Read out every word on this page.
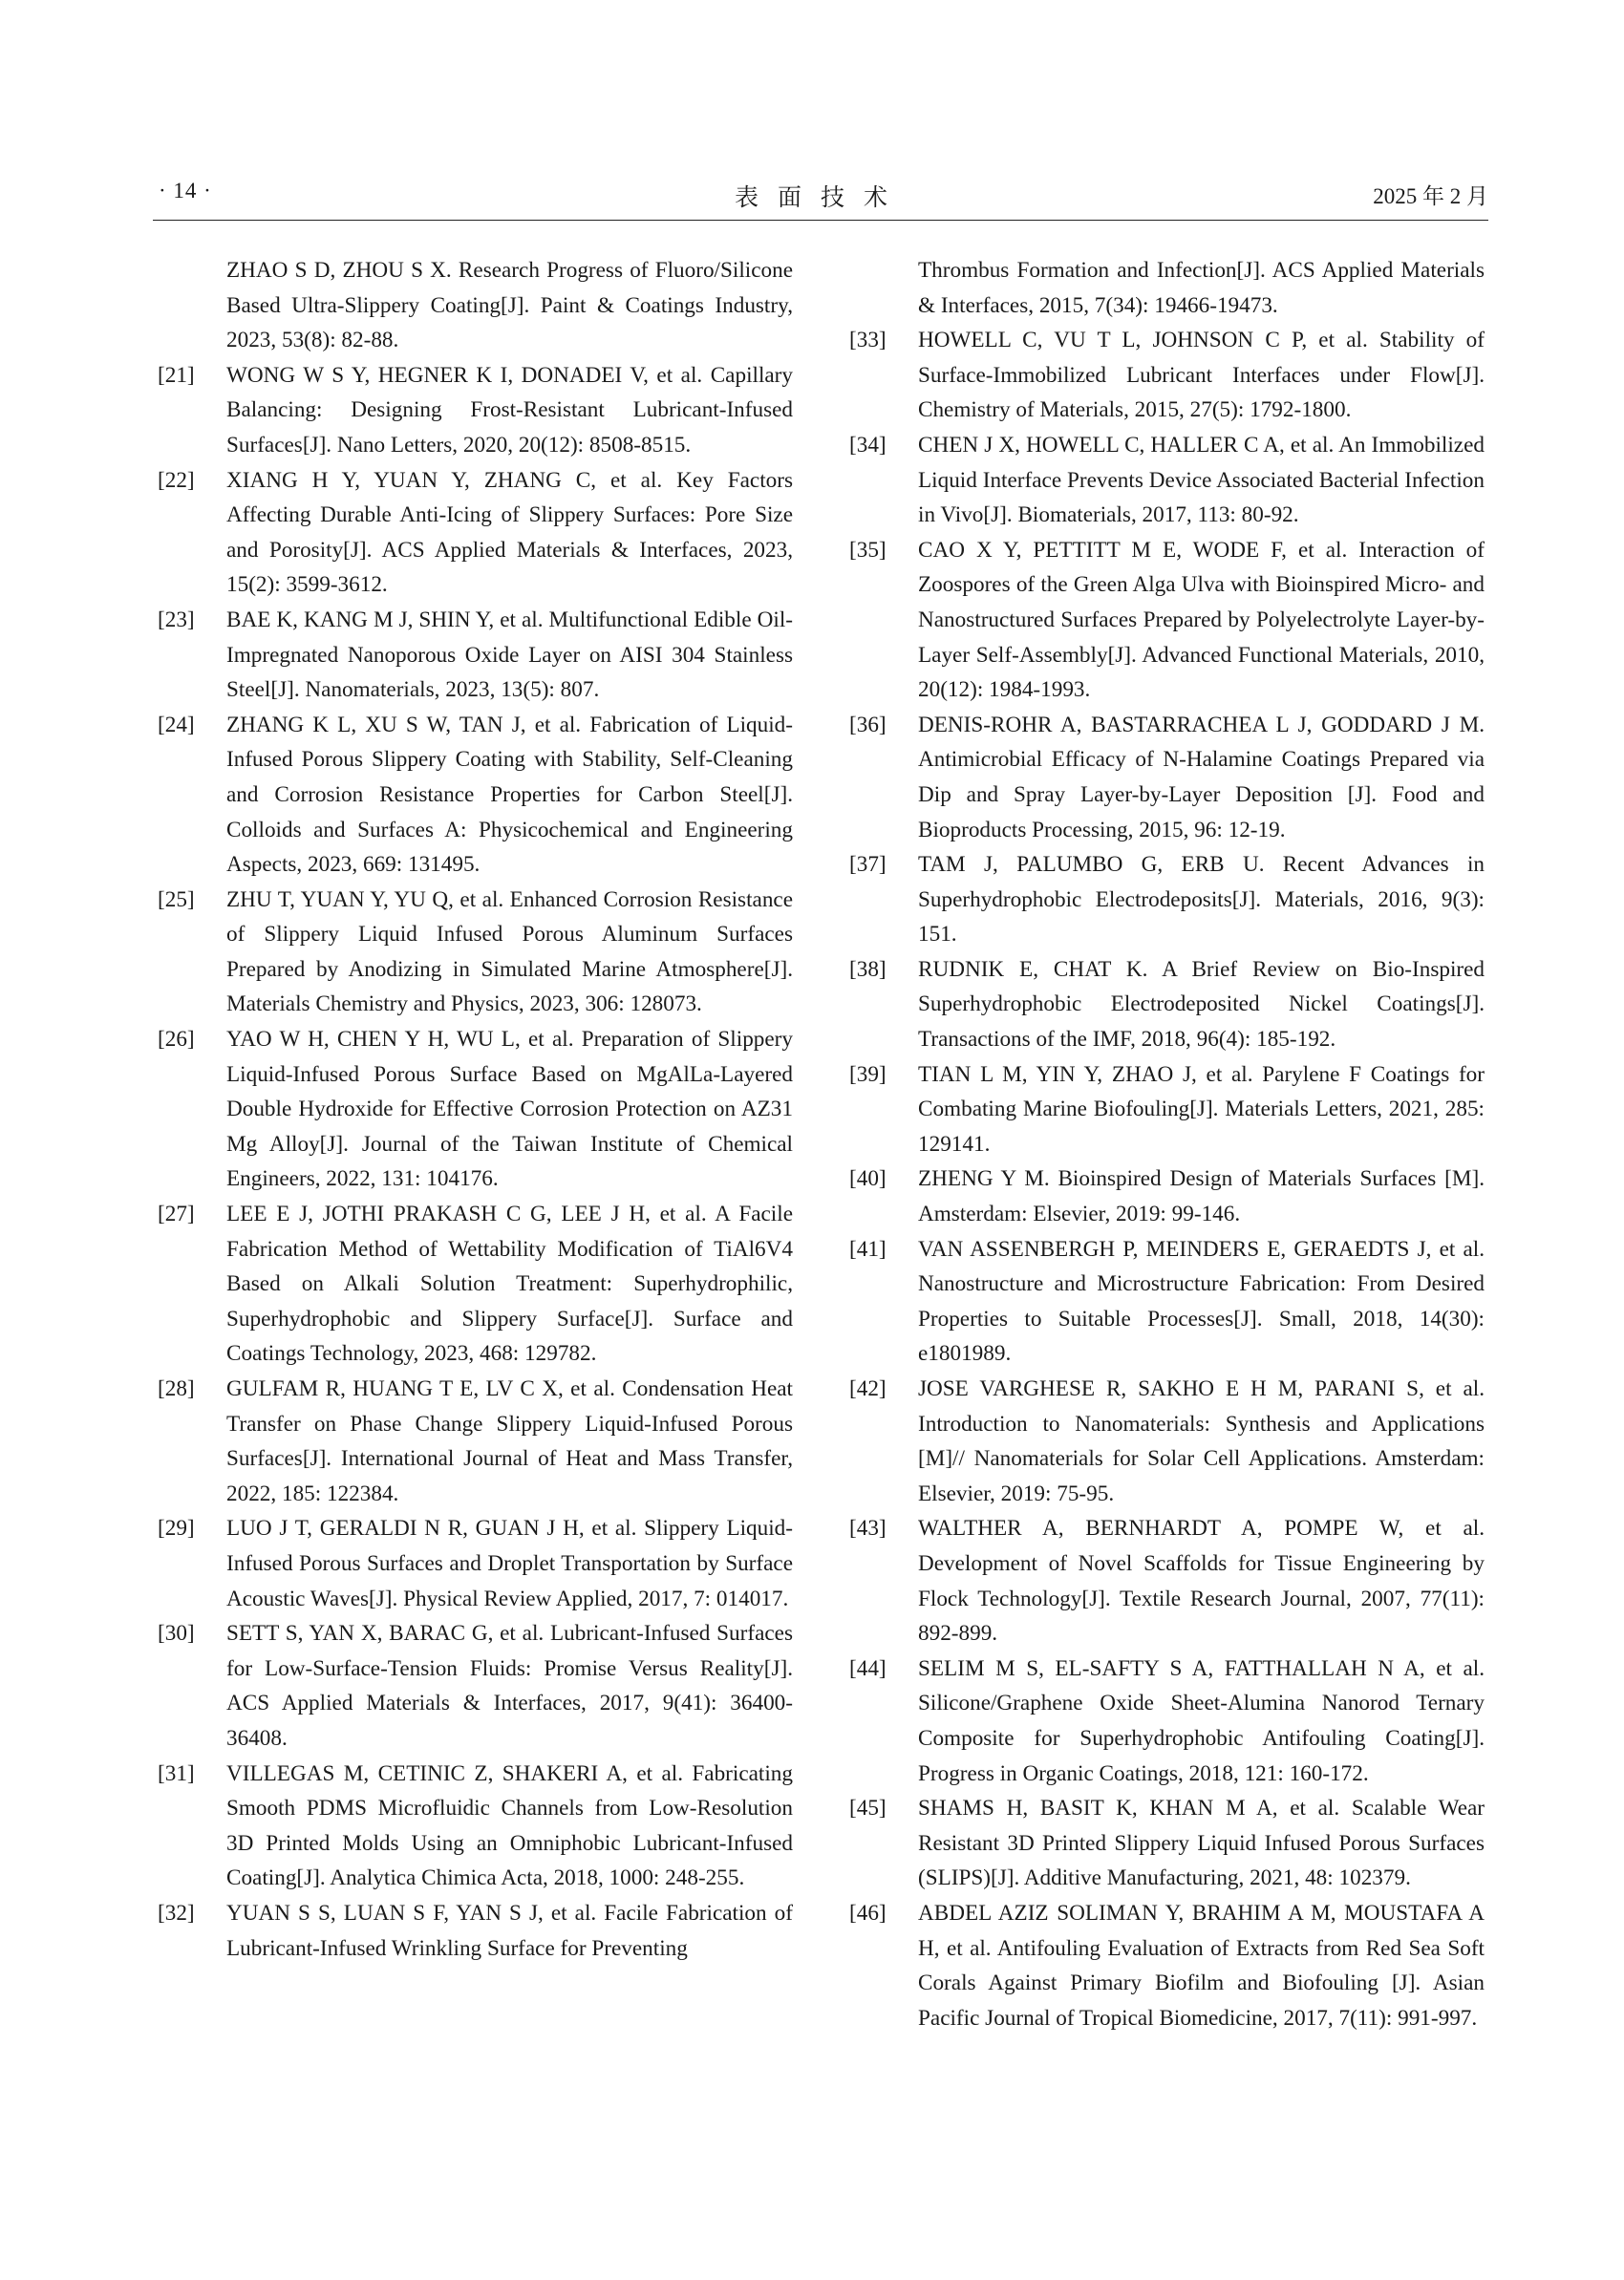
· 14 ·	表面技术	2025 年 2 月

ZHAO S D, ZHOU S X. Research Progress of Fluoro/Silicone Based Ultra-Slippery Coating[J]. Paint & Coatings Industry, 2023, 53(8): 82-88.

[21] WONG W S Y, HEGNER K I, DONADEI V, et al. Capillary Balancing: Designing Frost-Resistant Lubricant-Infused Surfaces[J]. Nano Letters, 2020, 20(12): 8508-8515.

[22] XIANG H Y, YUAN Y, ZHANG C, et al. Key Factors Affecting Durable Anti-Icing of Slippery Surfaces: Pore Size and Porosity[J]. ACS Applied Materials & Interfaces, 2023, 15(2): 3599-3612.

[23] BAE K, KANG M J, SHIN Y, et al. Multifunctional Edible Oil-Impregnated Nanoporous Oxide Layer on AISI 304 Stainless Steel[J]. Nanomaterials, 2023, 13(5): 807.

[24] ZHANG K L, XU S W, TAN J, et al. Fabrication of Liquid-Infused Porous Slippery Coating with Stability, Self-Cleaning and Corrosion Resistance Properties for Carbon Steel[J]. Colloids and Surfaces A: Physicochemical and Engineering Aspects, 2023, 669: 131495.

[25] ZHU T, YUAN Y, YU Q, et al. Enhanced Corrosion Resistance of Slippery Liquid Infused Porous Aluminum Surfaces Prepared by Anodizing in Simulated Marine Atmosphere[J]. Materials Chemistry and Physics, 2023, 306: 128073.

[26] YAO W H, CHEN Y H, WU L, et al. Preparation of Slippery Liquid-Infused Porous Surface Based on MgAlLa-Layered Double Hydroxide for Effective Corrosion Protection on AZ31 Mg Alloy[J]. Journal of the Taiwan Institute of Chemical Engineers, 2022, 131: 104176.

[27] LEE E J, JOTHI PRAKASH C G, LEE J H, et al. A Facile Fabrication Method of Wettability Modification of TiAl6V4 Based on Alkali Solution Treatment: Superhydrophilic, Superhydrophobic and Slippery Surface[J]. Surface and Coatings Technology, 2023, 468: 129782.

[28] GULFAM R, HUANG T E, LV C X, et al. Condensation Heat Transfer on Phase Change Slippery Liquid-Infused Porous Surfaces[J]. International Journal of Heat and Mass Transfer, 2022, 185: 122384.

[29] LUO J T, GERALDI N R, GUAN J H, et al. Slippery Liquid-Infused Porous Surfaces and Droplet Transportation by Surface Acoustic Waves[J]. Physical Review Applied, 2017, 7: 014017.

[30] SETT S, YAN X, BARAC G, et al. Lubricant-Infused Surfaces for Low-Surface-Tension Fluids: Promise Versus Reality[J]. ACS Applied Materials & Interfaces, 2017, 9(41): 36400-36408.

[31] VILLEGAS M, CETINIC Z, SHAKERI A, et al. Fabricating Smooth PDMS Microfluidic Channels from Low-Resolution 3D Printed Molds Using an Omniphobic Lubricant-Infused Coating[J]. Analytica Chimica Acta, 2018, 1000: 248-255.

[32] YUAN S S, LUAN S F, YAN S J, et al. Facile Fabrication of Lubricant-Infused Wrinkling Surface for Preventing

Thrombus Formation and Infection[J]. ACS Applied Materials & Interfaces, 2015, 7(34): 19466-19473.

[33] HOWELL C, VU T L, JOHNSON C P, et al. Stability of Surface-Immobilized Lubricant Interfaces under Flow[J]. Chemistry of Materials, 2015, 27(5): 1792-1800.

[34] CHEN J X, HOWELL C, HALLER C A, et al. An Immobilized Liquid Interface Prevents Device Associated Bacterial Infection in Vivo[J]. Biomaterials, 2017, 113: 80-92.

[35] CAO X Y, PETTITT M E, WODE F, et al. Interaction of Zoospores of the Green Alga Ulva with Bioinspired Micro- and Nanostructured Surfaces Prepared by Polyelectrolyte Layer-by-Layer Self-Assembly[J]. Advanced Functional Materials, 2010, 20(12): 1984-1993.

[36] DENIS-ROHR A, BASTARRACHEA L J, GODDARD J M. Antimicrobial Efficacy of N-Halamine Coatings Prepared via Dip and Spray Layer-by-Layer Deposition [J]. Food and Bioproducts Processing, 2015, 96: 12-19.

[37] TAM J, PALUMBO G, ERB U. Recent Advances in Superhydrophobic Electrodeposits[J]. Materials, 2016, 9(3): 151.

[38] RUDNIK E, CHAT K. A Brief Review on Bio-Inspired Superhydrophobic Electrodeposited Nickel Coatings[J]. Transactions of the IMF, 2018, 96(4): 185-192.

[39] TIAN L M, YIN Y, ZHAO J, et al. Parylene F Coatings for Combating Marine Biofouling[J]. Materials Letters, 2021, 285: 129141.

[40] ZHENG Y M. Bioinspired Design of Materials Surfaces [M]. Amsterdam: Elsevier, 2019: 99-146.

[41] VAN ASSENBERGH P, MEINDERS E, GERAEDTS J, et al. Nanostructure and Microstructure Fabrication: From Desired Properties to Suitable Processes[J]. Small, 2018, 14(30): e1801989.

[42] JOSE VARGHESE R, SAKHO E H M, PARANI S, et al. Introduction to Nanomaterials: Synthesis and Applications [M]// Nanomaterials for Solar Cell Applications. Amsterdam: Elsevier, 2019: 75-95.

[43] WALTHER A, BERNHARDT A, POMPE W, et al. Development of Novel Scaffolds for Tissue Engineering by Flock Technology[J]. Textile Research Journal, 2007, 77(11): 892-899.

[44] SELIM M S, EL-SAFTY S A, FATTHALLAH N A, et al. Silicone/Graphene Oxide Sheet-Alumina Nanorod Ternary Composite for Superhydrophobic Antifouling Coating[J]. Progress in Organic Coatings, 2018, 121: 160-172.

[45] SHAMS H, BASIT K, KHAN M A, et al. Scalable Wear Resistant 3D Printed Slippery Liquid Infused Porous Surfaces (SLIPS)[J]. Additive Manufacturing, 2021, 48: 102379.

[46] ABDEL AZIZ SOLIMAN Y, BRAHIM A M, MOUSTAFA A H, et al. Antifouling Evaluation of Extracts from Red Sea Soft Corals Against Primary Biofilm and Biofouling [J]. Asian Pacific Journal of Tropical Biomedicine, 2017, 7(11): 991-997.
